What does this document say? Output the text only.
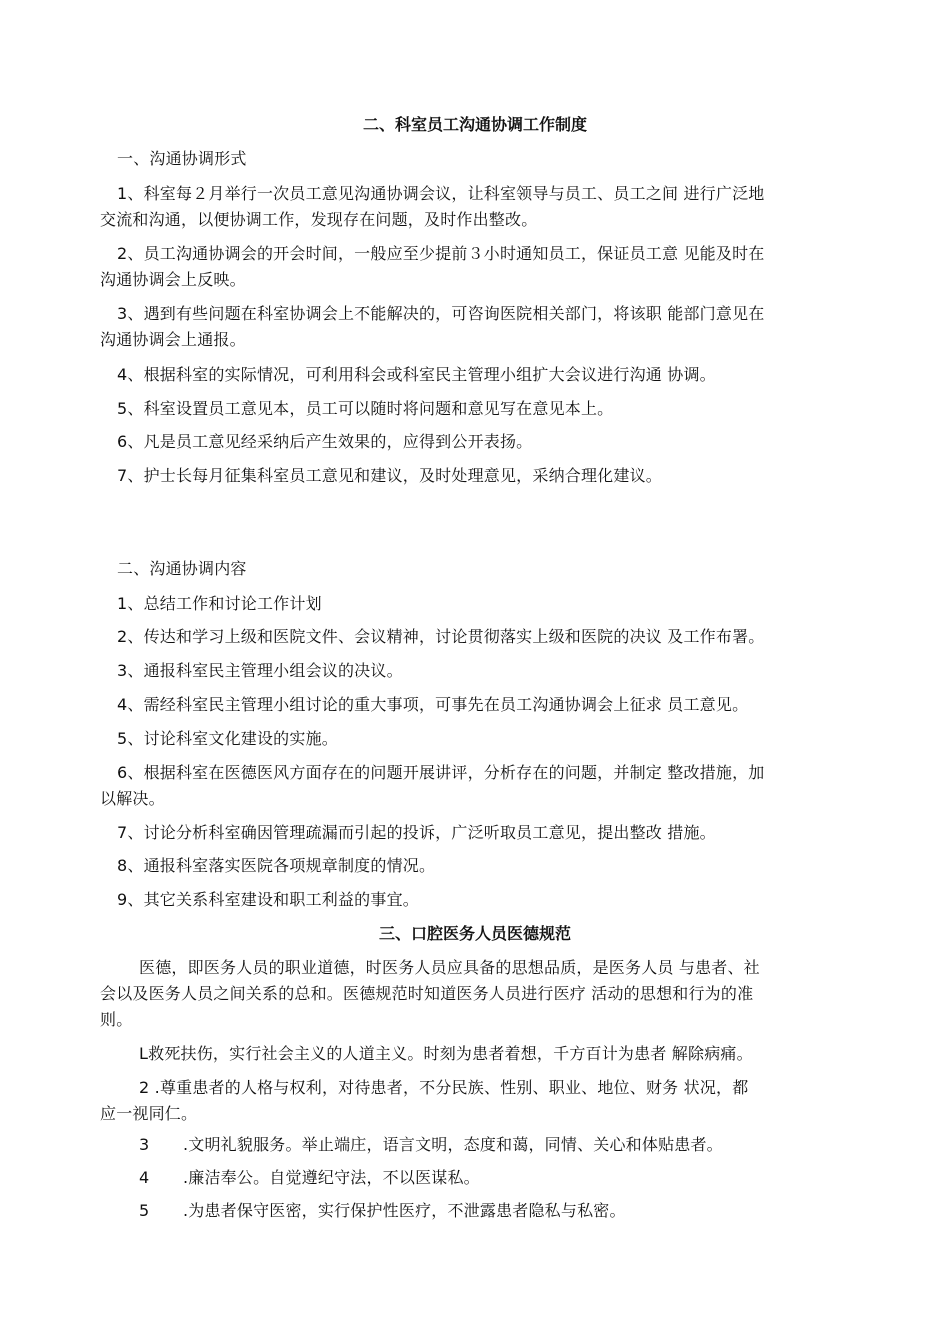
二、科室员工沟通协调工作制度
一、沟通协调形式
1、科室每２月举行一次员工意见沟通协调会议，让科室领导与员工、员工之间 进行广泛地
交流和沟通，以便协调工作，发现存在问题，及时作出整改。
2、员工沟通协调会的开会时间，一般应至少提前３小时通知员工，保证员工意 见能及时在
沟通协调会上反映。
3、遇到有些问题在科室协调会上不能解决的，可咨询医院相关部门，将该职 能部门意见在
沟通协调会上通报。
4、根据科室的实际情况，可利用科会或科室民主管理小组扩大会议进行沟通 协调。
5、科室设置员工意见本，员工可以随时将问题和意见写在意见本上。
6、凡是员工意见经采纳后产生效果的，应得到公开表扬。
7、护士长每月征集科室员工意见和建议，及时处理意见，采纳合理化建议。
二、沟通协调内容
1、总结工作和讨论工作计划
2、传达和学习上级和医院文件、会议精神，讨论贯彻落实上级和医院的决议 及工作布署。
3、通报科室民主管理小组会议的决议。
4、需经科室民主管理小组讨论的重大事项，可事先在员工沟通协调会上征求 员工意见。
5、讨论科室文化建设的实施。
6、根据科室在医德医风方面存在的问题开展讲评，分析存在的问题，并制定 整改措施，加
以解决。
7、讨论分析科室确因管理疏漏而引起的投诉，广泛听取员工意见，提出整改 措施。
8、通报科室落实医院各项规章制度的情况。
9、其它关系科室建设和职工利益的事宜。
三、口腔医务人员医德规范
医德，即医务人员的职业道德，时医务人员应具备的思想品质，是医务人员 与患者、社
会以及医务人员之间关系的总和。医德规范时知道医务人员进行医疗 活动的思想和行为的准
则。
L救死扶伤，实行社会主义的人道主义。时刻为患者着想，千方百计为患者 解除病痛。
2 .尊重患者的人格与权利，对待患者，不分民族、性别、职业、地位、财务 状况，都
应一视同仁。
3 .文明礼貌服务。举止端庄，语言文明，态度和蔼，同情、关心和体贴患者。
4 .廉洁奉公。自觉遵纪守法，不以医谋私。
5 .为患者保守医密，实行保护性医疗，不泄露患者隐私与私密。
